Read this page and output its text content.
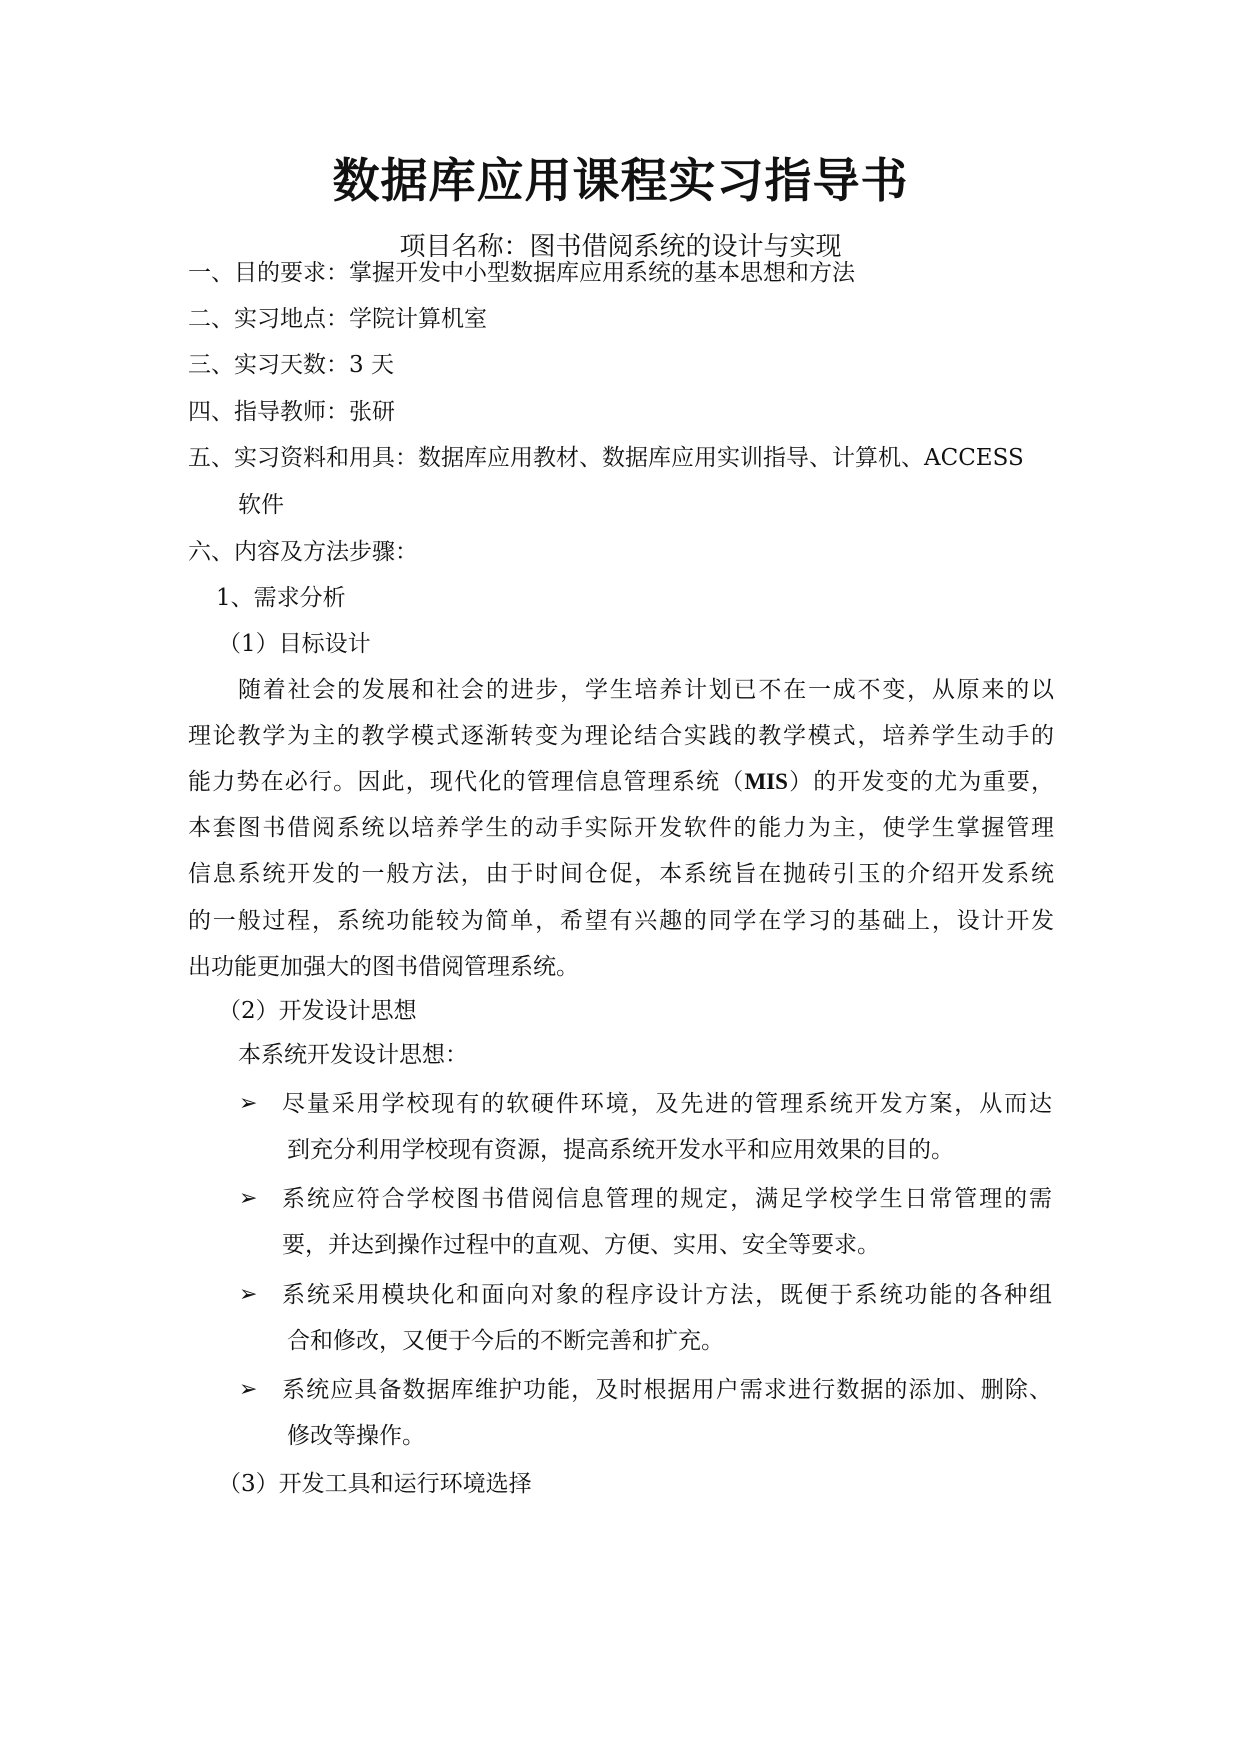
数据库应用课程实习指导书
项目名称：图书借阅系统的设计与实现
一、目的要求：掌握开发中小型数据库应用系统的基本思想和方法
二、实习地点：学院计算机室
三、实习天数：3 天
四、指导教师：张研
五、实习资料和用具：数据库应用教材、数据库应用实训指导、计算机、ACCESS
软件
六、内容及方法步骤：
1、需求分析
（1）目标设计
随着社会的发展和社会的进步，学生培养计划已不在一成不变，从原来的以
理论教学为主的教学模式逐渐转变为理论结合实践的教学模式，培养学生动手的
能力势在必行。因此，现代化的管理信息管理系统（MIS）的开发变的尤为重要，
本套图书借阅系统以培养学生的动手实际开发软件的能力为主，使学生掌握管理
信息系统开发的一般方法，由于时间仓促，本系统旨在抛砖引玉的介绍开发系统
的一般过程，系统功能较为简单，希望有兴趣的同学在学习的基础上，设计开发
出功能更加强大的图书借阅管理系统。
（2）开发设计思想
本系统开发设计思想：
➢ 尽量采用学校现有的软硬件环境，及先进的管理系统开发方案，从而达
到充分利用学校现有资源，提高系统开发水平和应用效果的目的。
➢ 系统应符合学校图书借阅信息管理的规定，满足学校学生日常管理的需
要，并达到操作过程中的直观、方便、实用、安全等要求。
➢ 系统采用模块化和面向对象的程序设计方法，既便于系统功能的各种组
合和修改，又便于今后的不断完善和扩充。
➢ 系统应具备数据库维护功能，及时根据用户需求进行数据的添加、删除、
修改等操作。
（3）开发工具和运行环境选择
